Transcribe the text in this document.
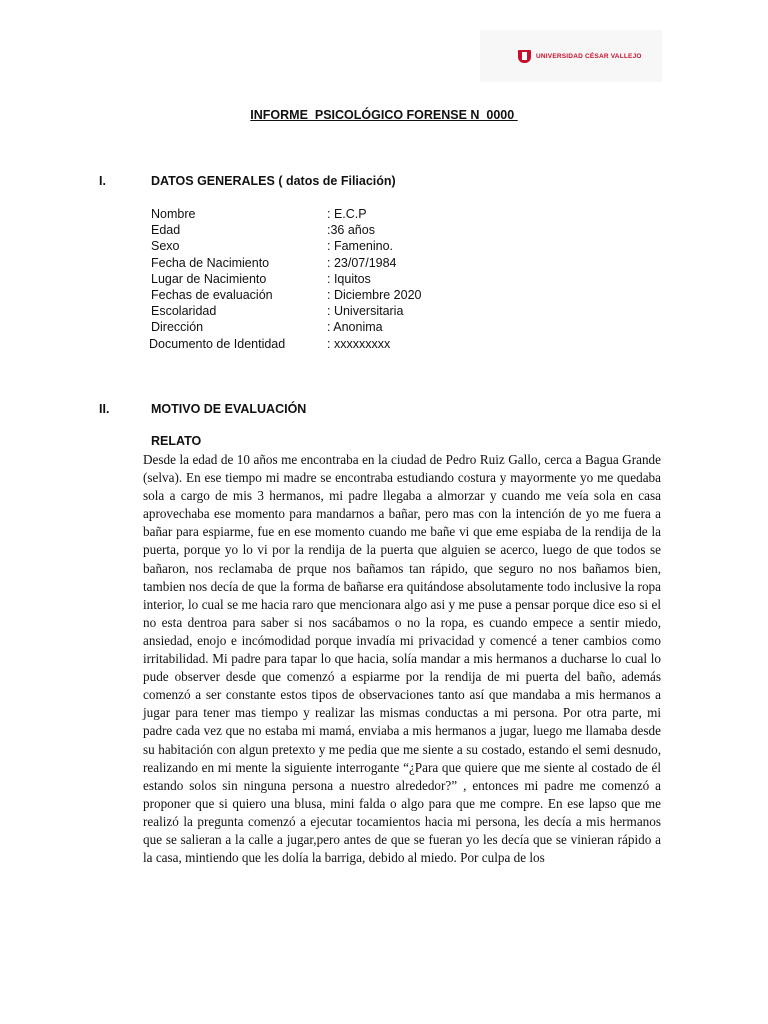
UNIVERSIDAD CÉSAR VALLEJO
INFORME  PSICOLÓGICO FORENSE N  0000
I.	DATOS GENERALES ( datos de Filiación)
Nombre	: E.C.P
Edad	:36 años
Sexo	: Famenino.
Fecha de Nacimiento	: 23/07/1984
Lugar de Nacimiento	: Iquitos
Fechas de evaluación	: Diciembre 2020
Escolaridad	: Universitaria
Dirección	: Anonima
Documento de Identidad	: xxxxxxxxx
II.	MOTIVO DE EVALUACIÓN
RELATO

Desde la edad de 10 años me encontraba en la ciudad de Pedro Ruiz Gallo, cerca a Bagua Grande (selva). En ese tiempo mi madre se encontraba estudiando costura y mayormente yo me quedaba sola a cargo de mis 3 hermanos, mi padre llegaba a almorzar y cuando me veía sola en casa aprovechaba ese momento para mandarnos a bañar, pero mas con la intención de yo me fuera a bañar para espiarme, fue en ese momento cuando me bañe vi que eme espiaba de la rendija de la puerta, porque yo lo vi por la rendija de la puerta que alguien se acerco, luego de que todos se bañaron, nos reclamaba de prque nos bañamos tan rápido, que seguro no nos bañamos bien, tambien nos decía de que la forma de bañarse era quitándose absolutamente todo inclusive la ropa interior, lo cual se me hacia raro que mencionara algo asi y me puse a pensar porque dice eso si el no esta dentroa para saber si nos sacábamos o no la ropa, es cuando empece a sentir miedo, ansiedad, enojo e incómodidad porque invadía mi privacidad y comencé a tener cambios como irritabilidad. Mi padre para tapar lo que hacia, solía mandar a mis hermanos a ducharse lo cual lo pude observer desde que comenzó a espiarme por la rendija de mi puerta del baño, además comenzó a ser constante estos tipos de observaciones tanto así que mandaba a mis hermanos a jugar para tener mas tiempo y realizar las mismas conductas a mi persona. Por otra parte, mi padre cada vez que no estaba mi mamá, enviaba a mis hermanos a jugar, luego me llamaba desde su habitación con algun pretexto y me pedia que me siente a su costado, estando el semi desnudo, realizando en mi mente la siguiente interrogante “¿Para que quiere que me siente al costado de él estando solos sin ninguna persona a nuestro alrededor?” , entonces mi padre me comenzó a proponer que si quiero una blusa, mini falda o algo para que me compre. En ese lapso que me realizó la pregunta comenzó a ejecutar tocamientos hacia mi persona, les decía a mis hermanos que se salieran a la calle a jugar,pero antes de que se fueran yo les decía que se vinieran rápido a la casa, mintiendo que les dolía la barriga, debido al miedo. Por culpa de los
